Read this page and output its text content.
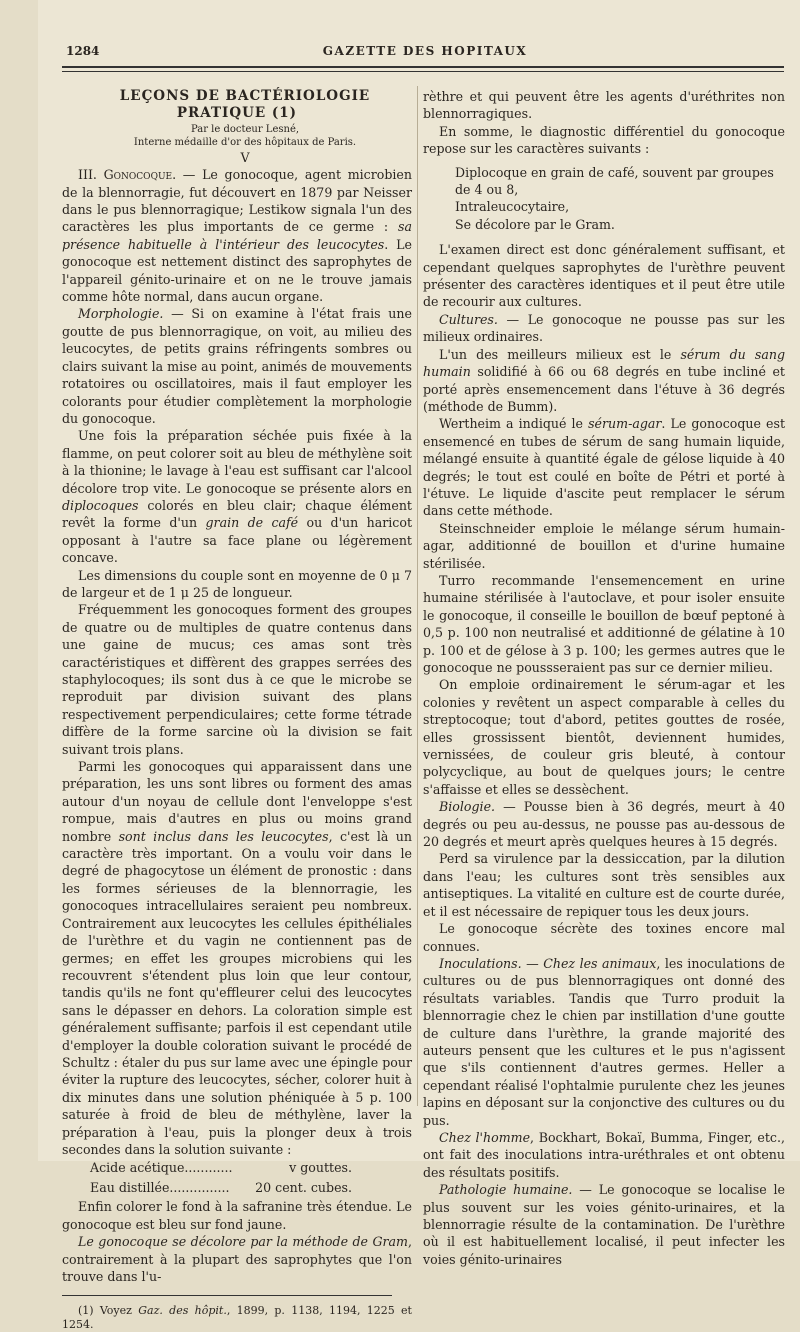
1284	GAZETTE DES HOPITAUX

LEÇONS DE BACTÉRIOLOGIE PRATIQUE (1)

Par le docteur Lesné,

Interne médaille d'or des hôpitaux de Paris.

V

III. Gonocoque. — Le gonocoque, agent microbien de la blennorragie, fut découvert en 1879 par Neisser dans le pus blennorragique; Lestikow signala l'un des caractères les plus importants de ce germe : sa présence habituelle à l'intérieur des leucocytes. Le gonocoque est nettement distinct des saprophytes de l'appareil génito-urinaire et on ne le trouve jamais comme hôte normal, dans aucun organe.

Morphologie. — Si on examine à l'état frais une goutte de pus blennorragique, on voit, au milieu des leucocytes, de petits grains réfringents sombres ou clairs suivant la mise au point, animés de mouvements rotatoires ou oscillatoires, mais il faut employer les colorants pour étudier complètement la morphologie du gonocoque.

Une fois la préparation séchée puis fixée à la flamme, on peut colorer soit au bleu de méthylène soit à la thionine; le lavage à l'eau est suffisant car l'alcool décolore trop vite. Le gonocoque se présente alors en diplocoques colorés en bleu clair; chaque élément revêt la forme d'un grain de café ou d'un haricot opposant à l'autre sa face plane ou légèrement concave.

Les dimensions du couple sont en moyenne de 0 μ 7 de largeur et de 1 μ 25 de longueur.

Fréquemment les gonocoques forment des groupes de quatre ou de multiples de quatre contenus dans une gaine de mucus; ces amas sont très caractéristiques et diffèrent des grappes serrées des staphylocoques; ils sont dus à ce que le microbe se reproduit par division suivant des plans respectivement perpendiculaires; cette forme tétrade diffère de la forme sarcine où la division se fait suivant trois plans.

Parmi les gonocoques qui apparaissent dans une préparation, les uns sont libres ou forment des amas autour d'un noyau de cellule dont l'enveloppe s'est rompue, mais d'autres en plus ou moins grand nombre sont inclus dans les leucocytes, c'est là un caractère très important. On a voulu voir dans le degré de phagocytose un élément de pronostic : dans les formes sérieuses de la blennorragie, les gonocoques intracellulaires seraient peu nombreux. Contrairement aux leucocytes les cellules épithéliales de l'urèthre et du vagin ne contiennent pas de germes; en effet les groupes microbiens qui les recouvrent s'étendent plus loin que leur contour, tandis qu'ils ne font qu'effleurer celui des leucocytes sans le dépasser en dehors. La coloration simple est généralement suffisante; parfois il est cependant utile d'employer la double coloration suivant le procédé de Schultz : étaler du pus sur lame avec une épingle pour éviter la rupture des leucocytes, sécher, colorer huit à dix minutes dans une solution phéniquée à 5 p. 100 saturée à froid de bleu de méthylène, laver la préparation à l'eau, puis la plonger deux à trois secondes dans la solution suivante :

Acide acétique............	v gouttes.
Eau distillée............... 20 cent. cubes.

Enfin colorer le fond à la safranine très étendue. Le gonocoque est bleu sur fond jaune.

Le gonocoque se décolore par la méthode de Gram, contrairement à la plupart des saprophytes que l'on trouve dans l'u-

(1) Voyez Gaz. des hôpit., 1899, p. 1138, 1194, 1225 et 1254.

rèthre et qui peuvent être les agents d'uréthrites non blennorragiques.

En somme, le diagnostic différentiel du gonocoque repose sur les caractères suivants :

Diplocoque en grain de café, souvent par groupes de 4 ou 8,
Intraleucocytaire,
Se décolore par le Gram.

L'examen direct est donc généralement suffisant, et cependant quelques saprophytes de l'urèthre peuvent présenter des caractères identiques et il peut être utile de recourir aux cultures.

Cultures. — Le gonocoque ne pousse pas sur les milieux ordinaires.

L'un des meilleurs milieux est le sérum du sang humain solidifié à 66 ou 68 degrés en tube incliné et porté après ensemencement dans l'étuve à 36 degrés (méthode de Bumm).

Wertheim a indiqué le sérum-agar. Le gonocoque est ensemencé en tubes de sérum de sang humain liquide, mélangé ensuite à quantité égale de gélose liquide à 40 degrés; le tout est coulé en boîte de Pétri et porté à l'étuve. Le liquide d'ascite peut remplacer le sérum dans cette méthode.

Steinschneider emploie le mélange sérum humain-agar, additionné de bouillon et d'urine humaine stérilisée.

Turro recommande l'ensemencement en urine humaine stérilisée à l'autoclave, et pour isoler ensuite le gonocoque, il conseille le bouillon de bœuf peptoné à 0,5 p. 100 non neutralisé et additionné de gélatine à 10 p. 100 et de gélose à 3 p. 100; les germes autres que le gonocoque ne poussseraient pas sur ce dernier milieu.

On emploie ordinairement le sérum-agar et les colonies y revêtent un aspect comparable à celles du streptocoque; tout d'abord, petites gouttes de rosée, elles grossissent bientôt, deviennent humides, vernissées, de couleur gris bleuté, à contour polycyclique, au bout de quelques jours; le centre s'affaisse et elles se dessèchent.

Biologie. — Pousse bien à 36 degrés, meurt à 40 degrés ou peu au-dessus, ne pousse pas au-dessous de 20 degrés et meurt après quelques heures à 15 degrés.

Perd sa virulence par la dessiccation, par la dilution dans l'eau; les cultures sont très sensibles aux antiseptiques. La vitalité en culture est de courte durée, et il est nécessaire de repiquer tous les deux jours.

Le gonocoque sécrète des toxines encore mal connues.

Inoculations. — Chez les animaux, les inoculations de cultures ou de pus blennorragiques ont donné des résultats variables. Tandis que Turro produit la blennorragie chez le chien par instillation d'une goutte de culture dans l'urèthre, la grande majorité des auteurs pensent que les cultures et le pus n'agissent que s'ils contiennent d'autres germes. Heller a cependant réalisé l'ophtalmie purulente chez les jeunes lapins en déposant sur la conjonctive des cultures ou du pus.

Chez l'homme, Bockhart, Bokaï, Bumma, Finger, etc., ont fait des inoculations intra-uréthrales et ont obtenu des résultats positifs.

Pathologie humaine. — Le gonocoque se localise le plus souvent sur les voies génito-urinaires, et la blennorragie résulte de la contamination. De l'urèthre où il est habituellement localisé, il peut infecter les voies génito-urinaires
